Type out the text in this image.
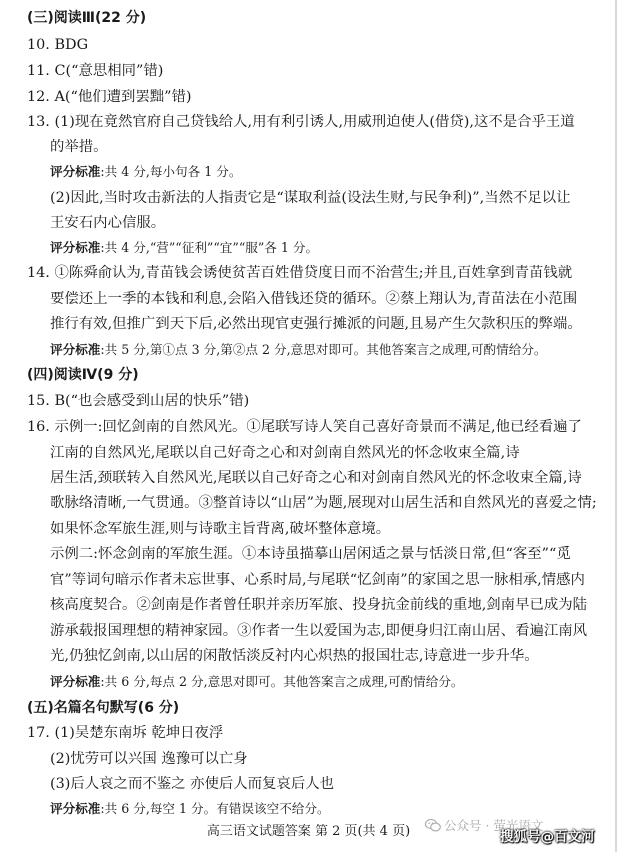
(三)阅读Ⅲ(22 分)
10. BDG
11. C(“意思相同”错)
12. A(“他们遭到罢黜”错)
13. (1)现在竟然官府自己贷钱给人,用有利引诱人,用威刑迫使人(借贷),这不是合乎王道
的举措。
评分标准:共 4 分,每小句各 1 分。
(2)因此,当时攻击新法的人指责它是“谋取利益(设法生财,与民争利)”,当然不足以让
王安石内心信服。
评分标准:共 4 分,“营”“征利”“宜”“服”各 1 分。
14. ①陈舜俞认为,青苗钱会诱使贫苦百姓借贷度日而不治营生;并且,百姓拿到青苗钱就
要偿还上一季的本钱和利息,会陷入借钱还贷的循环。②蔡上翔认为,青苗法在小范围
推行有效,但推广到天下后,必然出现官吏强行摊派的问题,且易产生欠款积压的弊端。
评分标准:共 5 分,第①点 3 分,第②点 2 分,意思对即可。其他答案言之成理,可酌情给分。
(四)阅读Ⅳ(9 分)
15. B(“也会感受到山居的快乐”错)
16. 示例一:回忆剑南的自然风光。①尾联写诗人笑自己喜好奇景而不满足,他已经看遍了
江南的自然风光,尾联以自己好奇之心和对剑南自然风光的怀念收束全篇,诗
居生活,颈联转入自然风光,尾联以自己好奇之心和对剑南自然风光的怀念收束全篇,诗
歌脉络清晰,一气贯通。③整首诗以“山居”为题,展现对山居生活和自然风光的喜爱之情;
如果怀念军旅生涯,则与诗歌主旨背离,破坏整体意境。
示例二:怀念剑南的军旅生涯。①本诗虽描摹山居闲适之景与恬淡日常,但“客至”“觅
官”等词句暗示作者未忘世事、心系时局,与尾联“忆剑南”的家国之思一脉相承,情感内
核高度契合。②剑南是作者曾任职并亲历军旅、投身抗金前线的重地,剑南早已成为陆
游承载报国理想的精神家园。③作者一生以爱国为志,即便身归江南山居、看遍江南风
光,仍独忆剑南,以山居的闲散恬淡反衬内心炽热的报国壮志,诗意进一步升华。
评分标准:共 6 分,每点 2 分,意思对即可。其他答案言之成理,可酌情给分。
(五)名篇名句默写(6 分)
17. (1)吴楚东南坼 乾坤日夜浮
(2)忧劳可以兴国 逸豫可以亡身
(3)后人哀之而不鉴之 亦使后人而复哀后人也
评分标准:共 6 分,每空 1 分。有错误该空不给分。
高三语文试题答案 第 2 页(共 4 页)	公众号 · 萤光语文
搜狐号@百文河
